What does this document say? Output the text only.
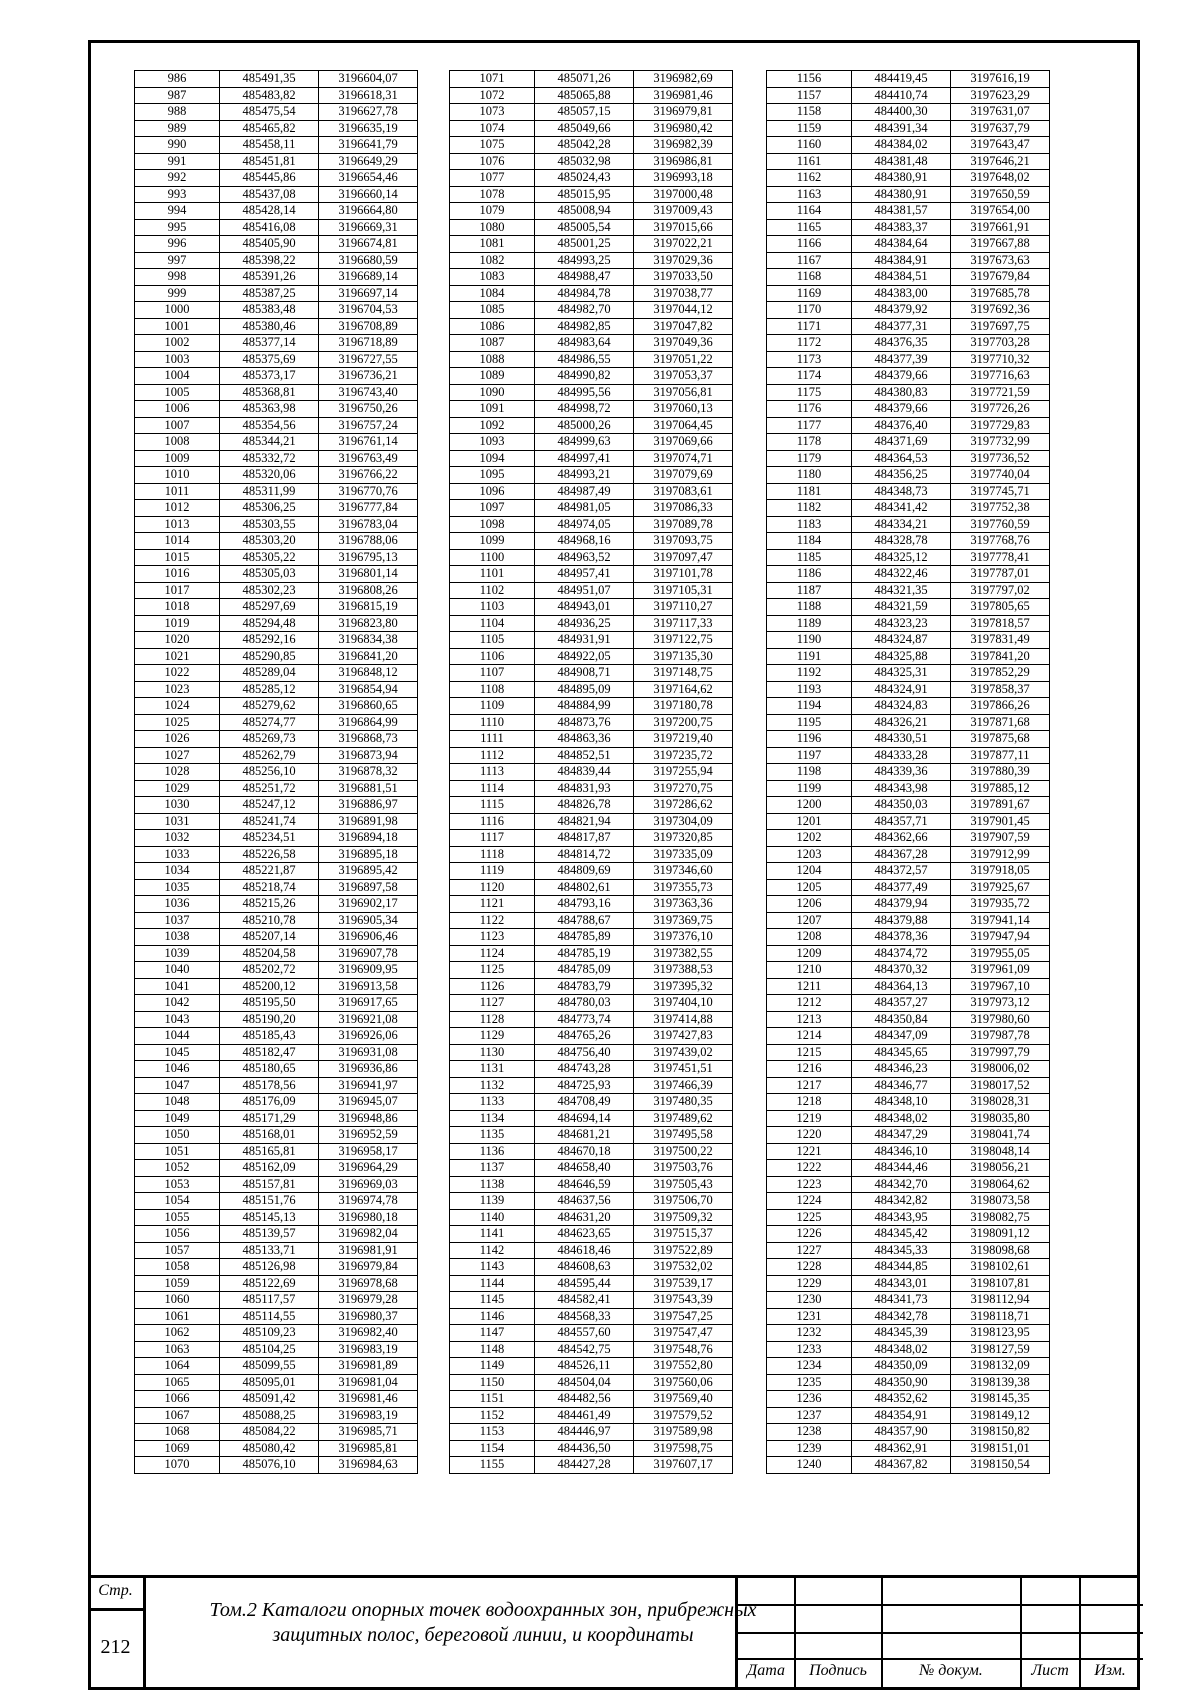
986	485491,35	3196604,07
987	485483,82	3196618,31
988	485475,54	3196627,78
989	485465,82	3196635,19
990	485458,11	3196641,79
991	485451,81	3196649,29
992	485445,86	3196654,46
993	485437,08	3196660,14
994	485428,14	3196664,80
995	485416,08	3196669,31
996	485405,90	3196674,81
997	485398,22	3196680,59
998	485391,26	3196689,14
999	485387,25	3196697,14
1000	485383,48	3196704,53
1001	485380,46	3196708,89
1002	485377,14	3196718,89
1003	485375,69	3196727,55
1004	485373,17	3196736,21
1005	485368,81	3196743,40
1006	485363,98	3196750,26
1007	485354,56	3196757,24
1008	485344,21	3196761,14
1009	485332,72	3196763,49
1010	485320,06	3196766,22
1011	485311,99	3196770,76
1012	485306,25	3196777,84
1013	485303,55	3196783,04
1014	485303,20	3196788,06
1015	485305,22	3196795,13
1016	485305,03	3196801,14
1017	485302,23	3196808,26
1018	485297,69	3196815,19
1019	485294,48	3196823,80
1020	485292,16	3196834,38
1021	485290,85	3196841,20
1022	485289,04	3196848,12
1023	485285,12	3196854,94
1024	485279,62	3196860,65
1025	485274,77	3196864,99
1026	485269,73	3196868,73
1027	485262,79	3196873,94
1028	485256,10	3196878,32
1029	485251,72	3196881,51
1030	485247,12	3196886,97
1031	485241,74	3196891,98
1032	485234,51	3196894,18
1033	485226,58	3196895,18
1034	485221,87	3196895,42
1035	485218,74	3196897,58
1036	485215,26	3196902,17
1037	485210,78	3196905,34
1038	485207,14	3196906,46
1039	485204,58	3196907,78
1040	485202,72	3196909,95
1041	485200,12	3196913,58
1042	485195,50	3196917,65
1043	485190,20	3196921,08
1044	485185,43	3196926,06
1045	485182,47	3196931,08
1046	485180,65	3196936,86
1047	485178,56	3196941,97
1048	485176,09	3196945,07
1049	485171,29	3196948,86
1050	485168,01	3196952,59
1051	485165,81	3196958,17
1052	485162,09	3196964,29
1053	485157,81	3196969,03
1054	485151,76	3196974,78
1055	485145,13	3196980,18
1056	485139,57	3196982,04
1057	485133,71	3196981,91
1058	485126,98	3196979,84
1059	485122,69	3196978,68
1060	485117,57	3196979,28
1061	485114,55	3196980,37
1062	485109,23	3196982,40
1063	485104,25	3196983,19
1064	485099,55	3196981,89
1065	485095,01	3196981,04
1066	485091,42	3196981,46
1067	485088,25	3196983,19
1068	485084,22	3196985,71
1069	485080,42	3196985,81
1070	485076,10	3196984,63
1071	485071,26	3196982,69
1072	485065,88	3196981,46
1073	485057,15	3196979,81
1074	485049,66	3196980,42
1075	485042,28	3196982,39
1076	485032,98	3196986,81
1077	485024,43	3196993,18
1078	485015,95	3197000,48
1079	485008,94	3197009,43
1080	485005,54	3197015,66
1081	485001,25	3197022,21
1082	484993,25	3197029,36
1083	484988,47	3197033,50
1084	484984,78	3197038,77
1085	484982,70	3197044,12
1086	484982,85	3197047,82
1087	484983,64	3197049,36
1088	484986,55	3197051,22
1089	484990,82	3197053,37
1090	484995,56	3197056,81
1091	484998,72	3197060,13
1092	485000,26	3197064,45
1093	484999,63	3197069,66
1094	484997,41	3197074,71
1095	484993,21	3197079,69
1096	484987,49	3197083,61
1097	484981,05	3197086,33
1098	484974,05	3197089,78
1099	484968,16	3197093,75
1100	484963,52	3197097,47
1101	484957,41	3197101,78
1102	484951,07	3197105,31
1103	484943,01	3197110,27
1104	484936,25	3197117,33
1105	484931,91	3197122,75
1106	484922,05	3197135,30
1107	484908,71	3197148,75
1108	484895,09	3197164,62
1109	484884,99	3197180,78
1110	484873,76	3197200,75
1111	484863,36	3197219,40
1112	484852,51	3197235,72
1113	484839,44	3197255,94
1114	484831,93	3197270,75
1115	484826,78	3197286,62
1116	484821,94	3197304,09
1117	484817,87	3197320,85
1118	484814,72	3197335,09
1119	484809,69	3197346,60
1120	484802,61	3197355,73
1121	484793,16	3197363,36
1122	484788,67	3197369,75
1123	484785,89	3197376,10
1124	484785,19	3197382,55
1125	484785,09	3197388,53
1126	484783,79	3197395,32
1127	484780,03	3197404,10
1128	484773,74	3197414,88
1129	484765,26	3197427,83
1130	484756,40	3197439,02
1131	484743,28	3197451,51
1132	484725,93	3197466,39
1133	484708,49	3197480,35
1134	484694,14	3197489,62
1135	484681,21	3197495,58
1136	484670,18	3197500,22
1137	484658,40	3197503,76
1138	484646,59	3197505,43
1139	484637,56	3197506,70
1140	484631,20	3197509,32
1141	484623,65	3197515,37
1142	484618,46	3197522,89
1143	484608,63	3197532,02
1144	484595,44	3197539,17
1145	484582,41	3197543,39
1146	484568,33	3197547,25
1147	484557,60	3197547,47
1148	484542,75	3197548,76
1149	484526,11	3197552,80
1150	484504,04	3197560,06
1151	484482,56	3197569,40
1152	484461,49	3197579,52
1153	484446,97	3197589,98
1154	484436,50	3197598,75
1155	484427,28	3197607,17
1156	484419,45	3197616,19
1157	484410,74	3197623,29
1158	484400,30	3197631,07
1159	484391,34	3197637,79
1160	484384,02	3197643,47
1161	484381,48	3197646,21
1162	484380,91	3197648,02
1163	484380,91	3197650,59
1164	484381,57	3197654,00
1165	484383,37	3197661,91
1166	484384,64	3197667,88
1167	484384,91	3197673,63
1168	484384,51	3197679,84
1169	484383,00	3197685,78
1170	484379,92	3197692,36
1171	484377,31	3197697,75
1172	484376,35	3197703,28
1173	484377,39	3197710,32
1174	484379,66	3197716,63
1175	484380,83	3197721,59
1176	484379,66	3197726,26
1177	484376,40	3197729,83
1178	484371,69	3197732,99
1179	484364,53	3197736,52
1180	484356,25	3197740,04
1181	484348,73	3197745,71
1182	484341,42	3197752,38
1183	484334,21	3197760,59
1184	484328,78	3197768,76
1185	484325,12	3197778,41
1186	484322,46	3197787,01
1187	484321,35	3197797,02
1188	484321,59	3197805,65
1189	484323,23	3197818,57
1190	484324,87	3197831,49
1191	484325,88	3197841,20
1192	484325,31	3197852,29
1193	484324,91	3197858,37
1194	484324,83	3197866,26
1195	484326,21	3197871,68
1196	484330,51	3197875,68
1197	484333,28	3197877,11
1198	484339,36	3197880,39
1199	484343,98	3197885,12
1200	484350,03	3197891,67
1201	484357,71	3197901,45
1202	484362,66	3197907,59
1203	484367,28	3197912,99
1204	484372,57	3197918,05
1205	484377,49	3197925,67
1206	484379,94	3197935,72
1207	484379,88	3197941,14
1208	484378,36	3197947,94
1209	484374,72	3197955,05
1210	484370,32	3197961,09
1211	484364,13	3197967,10
1212	484357,27	3197973,12
1213	484350,84	3197980,60
1214	484347,09	3197987,78
1215	484345,65	3197997,79
1216	484346,23	3198006,02
1217	484346,77	3198017,52
1218	484348,10	3198028,31
1219	484348,02	3198035,80
1220	484347,29	3198041,74
1221	484346,10	3198048,14
1222	484344,46	3198056,21
1223	484342,70	3198064,62
1224	484342,82	3198073,58
1225	484343,95	3198082,75
1226	484345,42	3198091,12
1227	484345,33	3198098,68
1228	484344,85	3198102,61
1229	484343,01	3198107,81
1230	484341,73	3198112,94
1231	484342,78	3198118,71
1232	484345,39	3198123,95
1233	484348,02	3198127,59
1234	484350,09	3198132,09
1235	484350,90	3198139,38
1236	484352,62	3198145,35
1237	484354,91	3198149,12
1238	484357,90	3198150,82
1239	484362,91	3198151,01
1240	484367,82	3198150,54
Стр.
212
Том.2 Каталоги опорных точек водоохранных зон, прибрежных
защитных полос, береговой линии, и координаты
Дата	Подпись	№ докум.	Лист	Изм.
